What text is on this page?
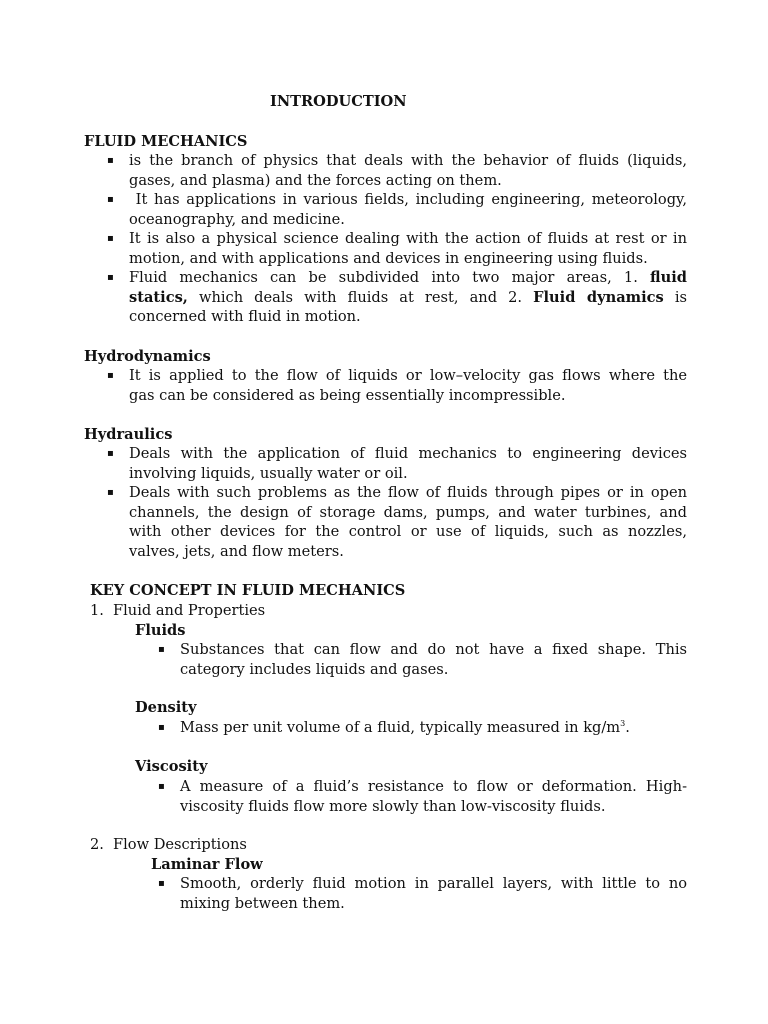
INTRODUCTION
FLUID MECHANICS
▪ is the branch of physics that deals with the behavior of fluids (liquids,
gases, and plasma) and the forces acting on them.
▪ It has applications in various fields, including engineering, meteorology,
oceanography, and medicine.
▪ It is also a physical science dealing with the action of fluids at rest or in
motion, and with applications and devices in engineering using fluids.
▪ Fluid mechanics can be subdivided into two major areas, 1. fluid
statics, which deals with fluids at rest, and 2. Fluid dynamics is
concerned with fluid in motion.
Hydrodynamics
▪ It is applied to the flow of liquids or low–velocity gas flows where the
gas can be considered as being essentially incompressible.
Hydraulics
▪ Deals with the application of fluid mechanics to engineering devices
involving liquids, usually water or oil.
▪ Deals with such problems as the flow of fluids through pipes or in open
channels, the design of storage dams, pumps, and water turbines, and
with other devices for the control or use of liquids, such as nozzles,
valves, jets, and flow meters.
KEY CONCEPT IN FLUID MECHANICS
1. Fluid and Properties
Fluids
▪ Substances that can flow and do not have a fixed shape. This
category includes liquids and gases.
Density
▪ Mass per unit volume of a fluid, typically measured in $kg/m^3$.
Viscosity
▪ A measure of a fluid’s resistance to flow or deformation. High-
viscosity fluids flow more slowly than low-viscosity fluids.
2. Flow Descriptions
Laminar Flow
▪ Smooth, orderly fluid motion in parallel layers, with little to no
mixing between them.
